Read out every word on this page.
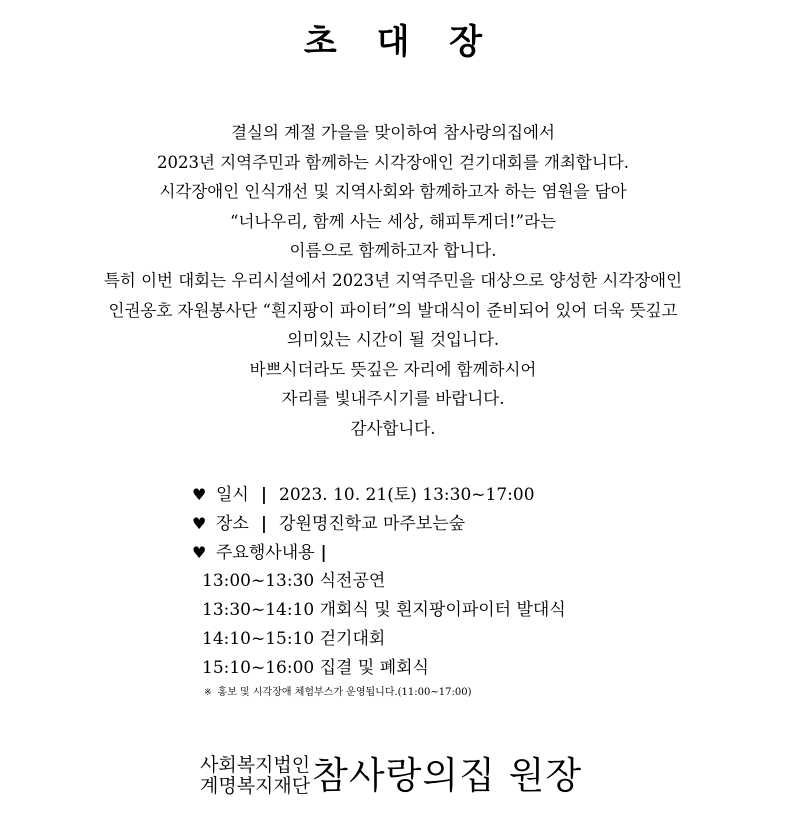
초 대 장
결실의 계절 가을을 맞이하여 참사랑의집에서
2023년 지역주민과 함께하는 시각장애인 걷기대회를 개최합니다.
시각장애인 인식개선 및 지역사회와 함께하고자 하는 염원을 담아
“너나우리, 함께 사는 세상, 해피투게더!”라는
이름으로 함께하고자 합니다.
특히 이번 대회는 우리시설에서 2023년 지역주민을 대상으로 양성한 시각장애인
인권옹호 자원봉사단 “흰지팡이 파이터”의 발대식이 준비되어 있어 더욱 뜻깊고
의미있는 시간이 될 것입니다.
바쁘시더라도 뜻깊은 자리에 함께하시어
자리를 빛내주시기를 바랍니다.
감사합니다.
♥ 일시 | 2023. 10. 21(토) 13:30~17:00
♥ 장소 | 강원명진학교 마주보는숲
♥ 주요행사내용 |
13:00~13:30 식전공연
13:30~14:10 개회식 및 흰지팡이파이터 발대식
14:10~15:10 걷기대회
15:10~16:00 집결 및 폐회식
※ 홍보 및 시각장애 체험부스가 운영됩니다.(11:00~17:00)
사회복지법인
계명복지재단 참사랑의집 원장
